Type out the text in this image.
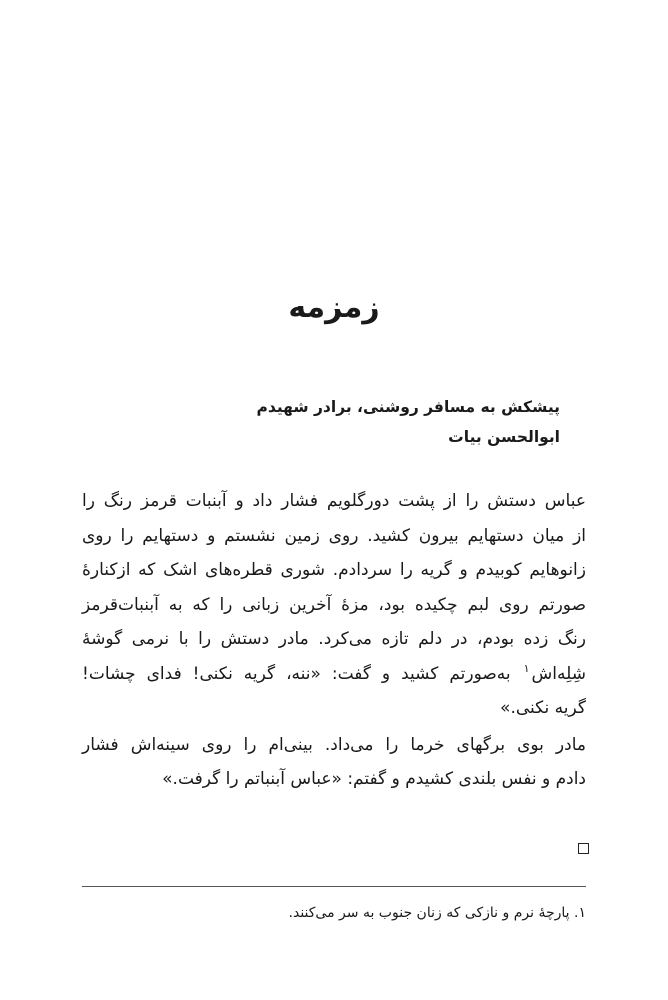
زمزمه
پیشکش به مسافر روشنی، برادر شهیدم
ابوالحسن بیات
عباس دستش را از پشت دورگلویم فشار داد و آبنبات قرمز رنگ را
از میان دستهایم بیرون کشید. روی زمین نشستم و دستهایم را روی
زانوهایم کوبیدم و گریه را سردادم. شوری قطره‌های اشک که ازکنارهٔ
صورتم روی لبم چکیده بود، مزهٔ آخرین زبانی را که به آبنبات‌قرمز
رنگ زده بودم، در دلم تازه می‌کرد. مادر دستش را با نرمی گوشهٔ
شِلِه‌اش$^۱$ به‌صورتم کشید و گفت: «ننه، گریه نکنی! فدای چشات!
گریه نکنی.»
مادر بوی برگهای خرما را می‌داد. بینی‌ام را روی سینه‌اش فشار
دادم و نفس بلندی کشیدم و گفتم: «عباس آبنباتم را گرفت.»
۱. پارچهٔ نرم و نازکی که زنان جنوب به سر می‌کنند.
